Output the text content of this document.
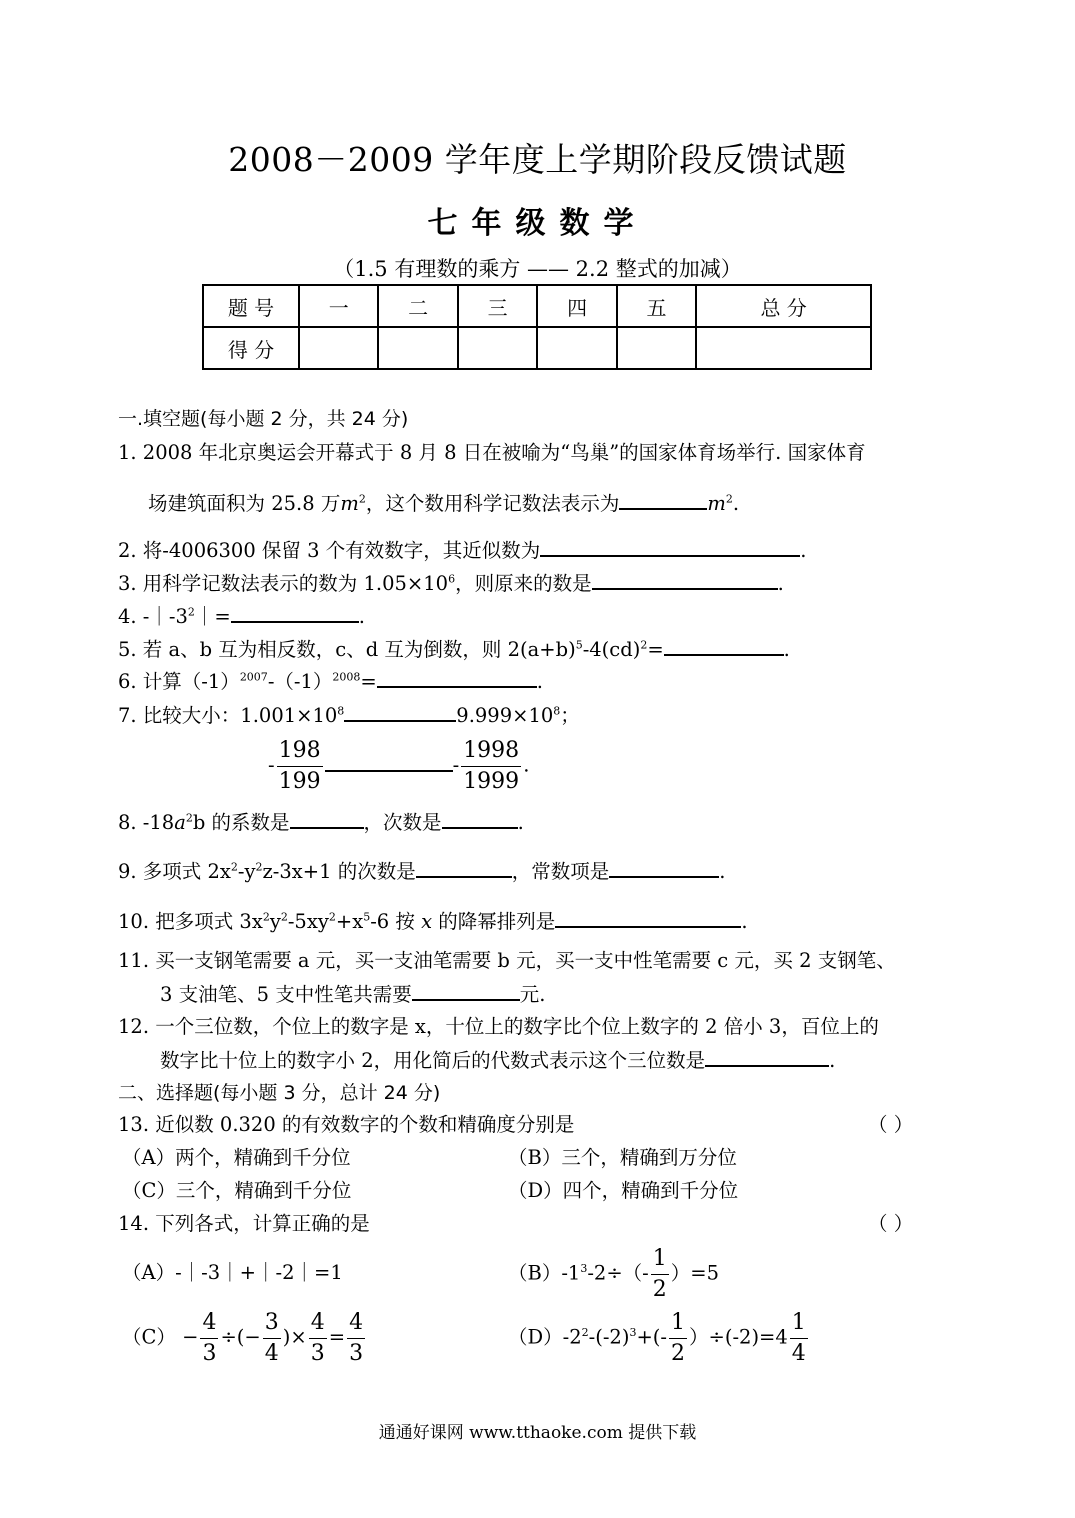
2008－2009 学年度上学期阶段反馈试题
七年级数学
（1.5 有理数的乘方 —— 2.2 整式的加减）
题 号	一	二	三	四	五	总 分
得 分						
一.填空题(每小题 2 分，共 24 分)
1. 2008 年北京奥运会开幕式于 8 月 8 日在被喻为“鸟巢”的国家体育场举行. 国家体育
场建筑面积为 25.8 万$m^2$，这个数用科学记数法表示为	$m^2$.
2. 将-4006300 保留 3 个有效数字，其近似数为	.
3. 用科学记数法表示的数为 $1.05\times 10^6$，则原来的数是	.
4. $-|-3^2|=$	.
5. 若 a、b 互为相反数，c、d 互为倒数，则 $2(a+b)^5-4(cd)^2=$	.
6. 计算$(-1)^{2007}-(-1)^{2008}=$	.
7. 比较大小：$1.001\times 10^8$	$9.999\times 10^8$；
- $\frac{198}{199}$	- $\frac{1998}{1999}$ .
8. $-18a^2b$ 的系数是	，次数是	.
9. 多项式 $2x^2-y^2z-3x+1$ 的次数是	，常数项是	.
10. 把多项式 $3x^2y^2-5xy^2+x^5-6$ 按 x 的降幂排列是	.
11. 买一支钢笔需要 a 元，买一支油笔需要 b 元，买一支中性笔需要 c 元，买 2 支钢笔、
3 支油笔、5 支中性笔共需要	元.
12. 一个三位数，个位上的数字是 x，十位上的数字比个位上数字的 2 倍小 3，百位上的
数字比十位上的数字小 2，用化简后的代数式表示这个三位数是	.
二、选择题(每小题 3 分，总计 24 分)
13. 近似数 0.320 的有效数字的个数和精确度分别是	（ ）
（A）两个，精确到千分位	（B）三个，精确到万分位
（C）三个，精确到千分位	（D）四个，精确到千分位
14. 下列各式，计算正确的是	（ ）
（A）-｜-3｜+｜-2｜=1	$(B)-1^3-2\div(- \frac{1}{2} )=5$
$(C) - \frac{4}{3}$ ÷(− $\frac{3}{4}$ )× $\frac{4}{3} = \frac{4}{3}$	$(D)-2^2-(-2)^3+(- \frac{1}{2} )\div(-2)=4 \frac{1}{4}$
通通好课网 www.tthaoke.com 提供下载
